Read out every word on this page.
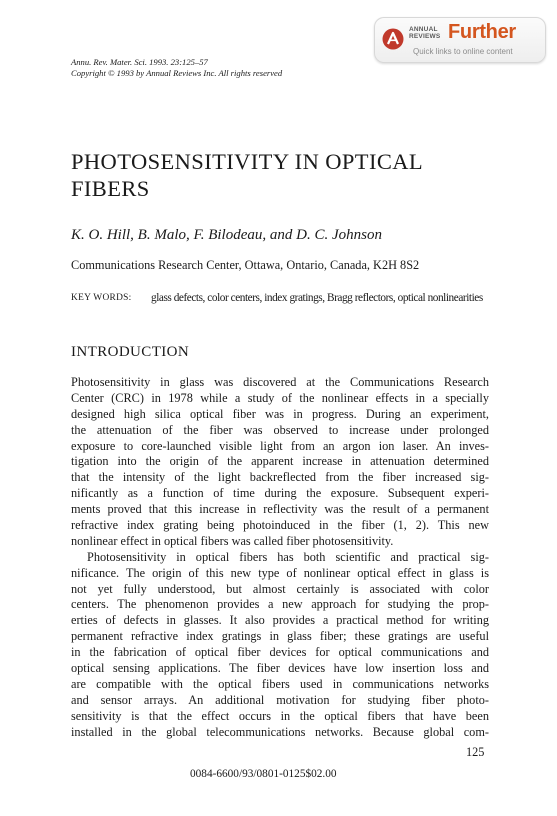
Annu. Rev. Mater. Sci. 1993. 23:125–57
Copyright © 1993 by Annual Reviews Inc. All rights reserved
ANNUAL
REVIEWS Further
Quick links to online content
PHOTOSENSITIVITY IN OPTICAL FIBERS
K. O. Hill, B. Malo, F. Bilodeau, and D. C. Johnson
Communications Research Center, Ottawa, Ontario, Canada, K2H 8S2
KEY WORDS: glass defects, color centers, index gratings, Bragg reflectors, optical nonlinearities
INTRODUCTION
Photosensitivity in glass was discovered at the Communications Research
Center (CRC) in 1978 while a study of the nonlinear effects in a specially
designed high silica optical fiber was in progress. During an experiment,
the attenuation of the fiber was observed to increase under prolonged
exposure to core-launched visible light from an argon ion laser. An inves-
tigation into the origin of the apparent increase in attenuation determined
that the intensity of the light backreflected from the fiber increased sig-
nificantly as a function of time during the exposure. Subsequent experi-
ments proved that this increase in reflectivity was the result of a permanent
refractive index grating being photoinduced in the fiber (1, 2). This new
nonlinear effect in optical fibers was called fiber photosensitivity.
Photosensitivity in optical fibers has both scientific and practical sig-
nificance. The origin of this new type of nonlinear optical effect in glass is
not yet fully understood, but almost certainly is associated with color
centers. The phenomenon provides a new approach for studying the prop-
erties of defects in glasses. It also provides a practical method for writing
permanent refractive index gratings in glass fiber; these gratings are useful
in the fabrication of optical fiber devices for optical communications and
optical sensing applications. The fiber devices have low insertion loss and
are compatible with the optical fibers used in communications networks
and sensor arrays. An additional motivation for studying fiber photo-
sensitivity is that the effect occurs in the optical fibers that have been
installed in the global telecommunications networks. Because global com-
125
0084-6600/93/0801-0125$02.00
